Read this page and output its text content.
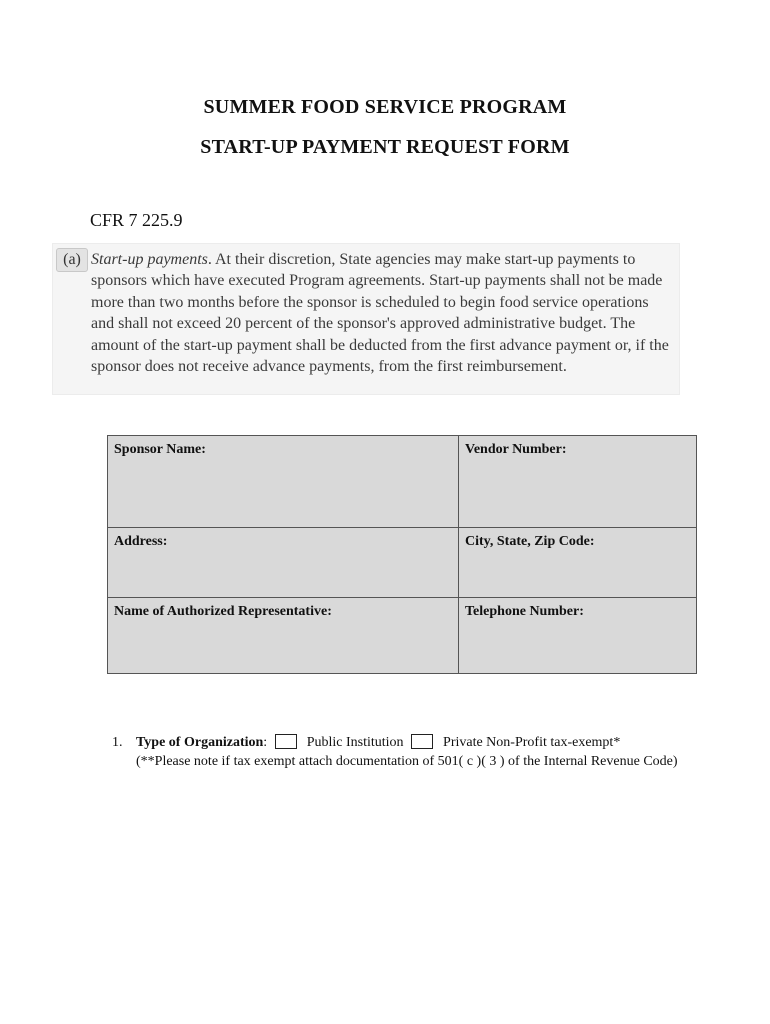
SUMMER FOOD SERVICE PROGRAM
START-UP PAYMENT REQUEST FORM
CFR 7 225.9
(a) Start-up payments. At their discretion, State agencies may make start-up payments to sponsors which have executed Program agreements. Start-up payments shall not be made more than two months before the sponsor is scheduled to begin food service operations and shall not exceed 20 percent of the sponsor's approved administrative budget. The amount of the start-up payment shall be deducted from the first advance payment or, if the sponsor does not receive advance payments, from the first reimbursement.
Sponsor Name:	Vendor Number:
Address:	City, State, Zip Code:
Name of Authorized Representative:	Telephone Number:
1. Type of Organization:	Public Institution	Private Non-Profit tax-exempt*
(**Please note if tax exempt attach documentation of 501( c )( 3 ) of the Internal Revenue Code)
